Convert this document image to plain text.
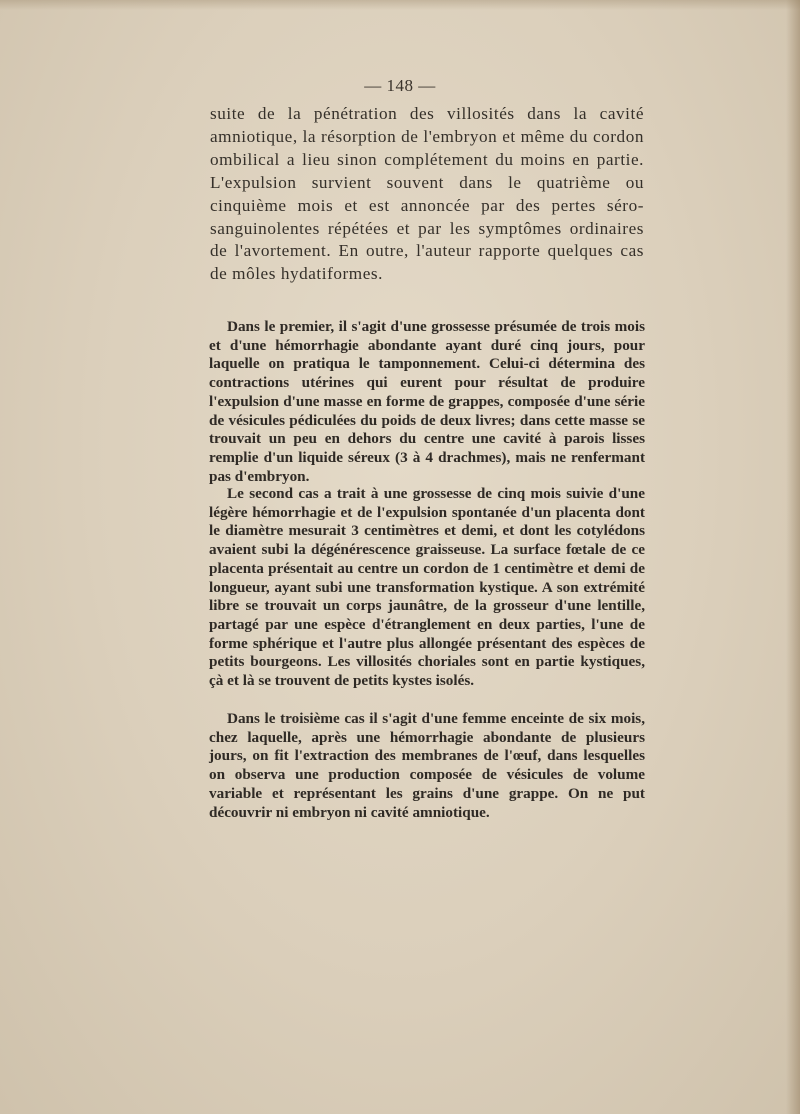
— 148 —

suite de la pénétration des villosités dans la cavité amniotique, la résorption de l'embryon et même du cordon ombilical a lieu sinon complétement du moins en partie. L'expulsion survient souvent dans le quatrième ou cinquième mois et est annoncée par des pertes séro-sanguinolentes répétées et par les symptômes ordinaires de l'avortement. En outre, l'auteur rapporte quelques cas de môles hydatiformes.

Dans le premier, il s'agit d'une grossesse présumée de trois mois et d'une hémorrhagie abondante ayant duré cinq jours, pour laquelle on pratiqua le tamponnement. Celui-ci détermina des contractions utérines qui eurent pour résultat de produire l'expulsion d'une masse en forme de grappes, composée d'une série de vésicules pédiculées du poids de deux livres; dans cette masse se trouvait un peu en dehors du centre une cavité à parois lisses remplie d'un liquide séreux (3 à 4 drachmes), mais ne renfermant pas d'embryon.

Le second cas a trait à une grossesse de cinq mois suivie d'une légère hémorrhagie et de l'expulsion spontanée d'un placenta dont le diamètre mesurait 3 centimètres et demi, et dont les cotylédons avaient subi la dégénérescence graisseuse. La surface fœtale de ce placenta présentait au centre un cordon de 1 centimètre et demi de longueur, ayant subi une transformation kystique. A son extrémité libre se trouvait un corps jaunâtre, de la grosseur d'une lentille, partagé par une espèce d'étranglement en deux parties, l'une de forme sphérique et l'autre plus allongée présentant des espèces de petits bourgeons. Les villosités choriales sont en partie kystiques, çà et là se trouvent de petits kystes isolés.

Dans le troisième cas il s'agit d'une femme enceinte de six mois, chez laquelle, après une hémorrhagie abondante de plusieurs jours, on fit l'extraction des membranes de l'œuf, dans lesquelles on observa une production composée de vésicules de volume variable et représentant les grains d'une grappe. On ne put découvrir ni embryon ni cavité amniotique.
